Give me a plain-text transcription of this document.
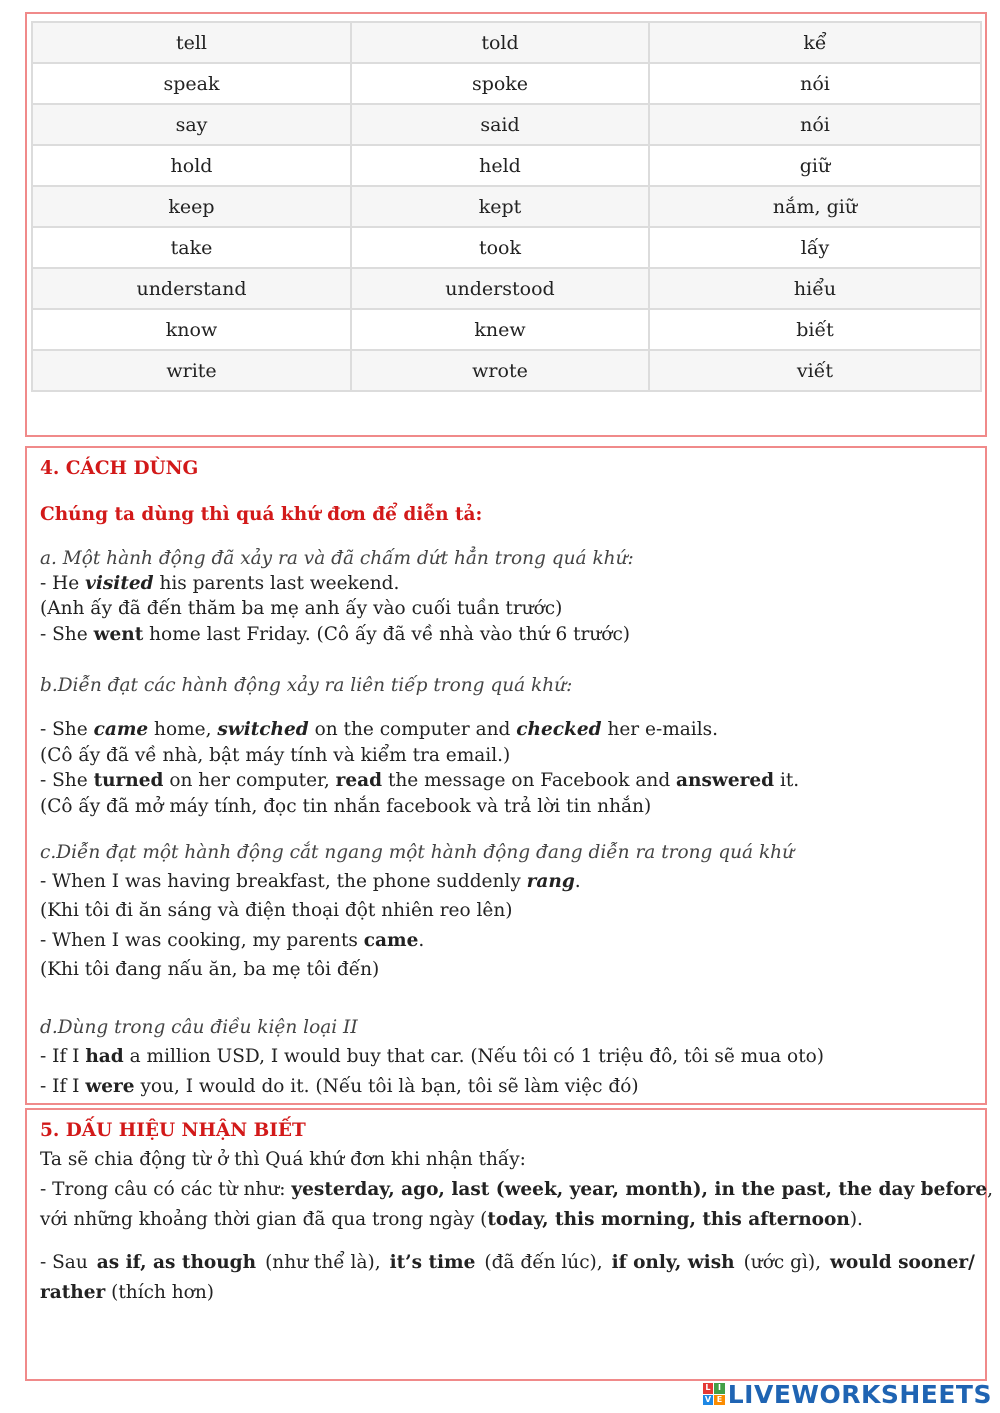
tell	told	kể
speak	spoke	nói
say	said	nói
hold	held	giữ
keep	kept	nắm, giữ
take	took	lấy
understand	understood	hiểu
know	knew	biết
write	wrote	viết
4. CÁCH DÙNG
Chúng ta dùng thì quá khứ đơn để diễn tả:
a. Một hành động đã xảy ra và đã chấm dứt hẳn trong quá khứ:
- He visited his parents last weekend.
(Anh ấy đã đến thăm ba mẹ anh ấy vào cuối tuần trước)
- She went home last Friday. (Cô ấy đã về nhà vào thứ 6 trước)
b.Diễn đạt các hành động xảy ra liên tiếp trong quá khứ:
- She came home, switched on the computer and checked her e-mails.
(Cô ấy đã về nhà, bật máy tính và kiểm tra email.)
- She turned on her computer, read the message on Facebook and answered it.
(Cô ấy đã mở máy tính, đọc tin nhắn facebook và trả lời tin nhắn)
c.Diễn đạt một hành động cắt ngang một hành động đang diễn ra trong quá khứ
- When I was having breakfast, the phone suddenly rang.
(Khi tôi đi ăn sáng và điện thoại đột nhiên reo lên)
- When I was cooking, my parents came.
(Khi tôi đang nấu ăn, ba mẹ tôi đến)
d.Dùng trong câu điều kiện loại II
- If I had a million USD, I would buy that car. (Nếu tôi có 1 triệu đô, tôi sẽ mua oto)
- If I were you, I would do it. (Nếu tôi là bạn, tôi sẽ làm việc đó)
5. DẤU HIỆU NHẬN BIẾT
Ta sẽ chia động từ ở thì Quá khứ đơn khi nhận thấy:
- Trong câu có các từ như: yesterday, ago, last (week, year, month), in the past, the day before,
với những khoảng thời gian đã qua trong ngày (today, this morning, this afternoon).
- Sau as if, as though (như thể là), it’s time (đã đến lúc), if only, wish (ước gì), would sooner/
rather (thích hơn)
L I
V E LIVEWORKSHEETS
